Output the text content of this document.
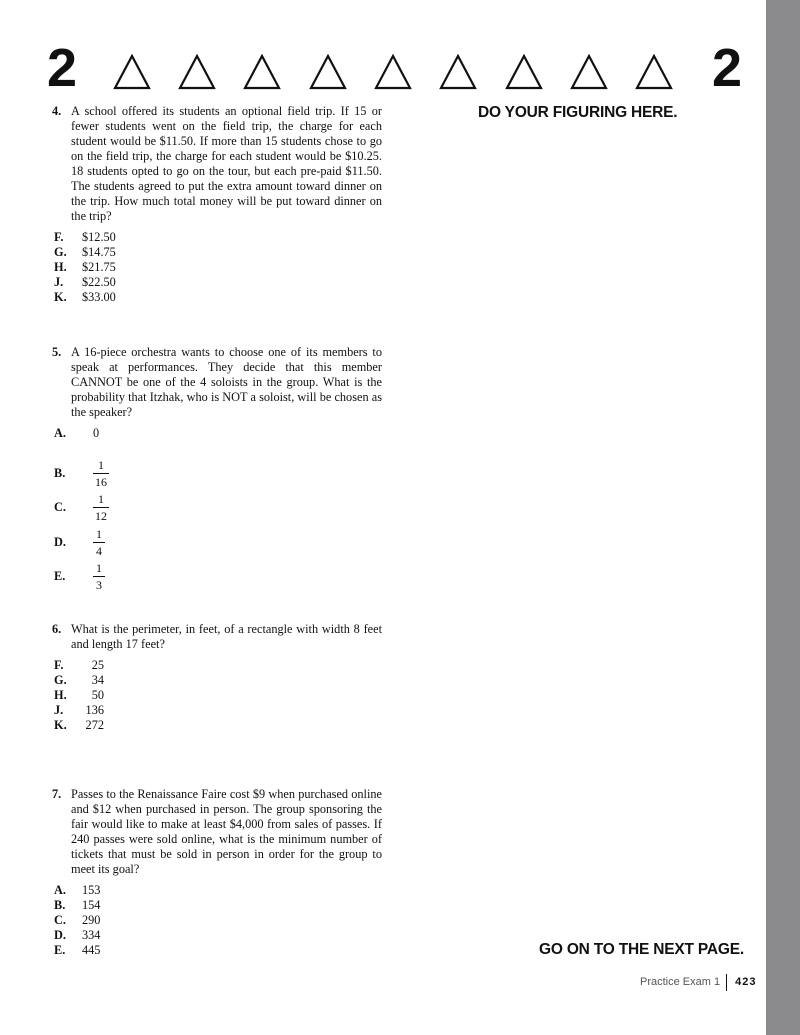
2	2
DO YOUR FIGURING HERE.
4. A school offered its students an optional field trip. If 15 or fewer students went on the field trip, the charge for each student would be $11.50. If more than 15 students chose to go on the field trip, the charge for each student would be $10.25. 18 students opted to go on the tour, but each pre-paid $11.50. The students agreed to put the extra amount toward dinner on the trip. How much total money will be put toward dinner on the trip?
F.	$12.50
G.	$14.75
H.	$21.75
J.	$22.50
K.	$33.00
5. A 16-piece orchestra wants to choose one of its members to speak at performances. They decide that this member CANNOT be one of the 4 soloists in the group. What is the probability that Itzhak, who is NOT a soloist, will be chosen as the speaker?
A.	0
B.	$\frac{1}{16}$
C.	$\frac{1}{12}$
D.	$\frac{1}{4}$
E.	$\frac{1}{3}$
6. What is the perimeter, in feet, of a rectangle with width 8 feet and length 17 feet?
F.	25
G.	34
H.	50
J.	136
K.	272
7. Passes to the Renaissance Faire cost $9 when purchased online and $12 when purchased in person. The group sponsoring the fair would like to make at least $4,000 from sales of passes. If 240 passes were sold online, what is the minimum number of tickets that must be sold in person in order for the group to meet its goal?
A.	153
B.	154
C.	290
D.	334
E.	445	GO ON TO THE NEXT PAGE.
Practice Exam 1 423
